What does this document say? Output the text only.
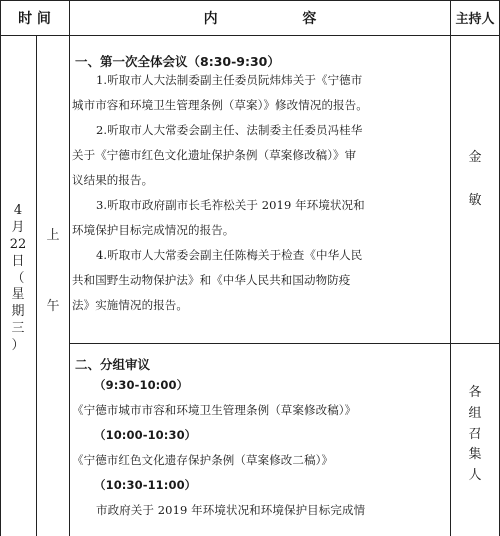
时 间	内 容	主持人
4
月
22
日
（
星
期
三
）
上
午
一、第一次全体会议（8:30-9:30）
1.听取市人大法制委副主任委员阮炜炜关于《宁德市
城市市容和环境卫生管理条例（草案）》修改情况的报告。
2.听取市人大常委会副主任、法制委主任委员冯桂华
关于《宁德市红色文化遗址保护条例（草案修改稿）》审
议结果的报告。
3.听取市政府副市长毛祚松关于 2019 年环境状况和
环境保护目标完成情况的报告。
4.听取市人大常委会副主任陈梅关于检查《中华人民
共和国野生动物保护法》和《中华人民共和国动物防疫
法》实施情况的报告。
金
敏
二、分组审议
（9:30-10:00）
《宁德市城市市容和环境卫生管理条例（草案修改稿）》
（10:00-10:30）
《宁德市红色文化遗存保护条例（草案修改二稿）》
（10:30-11:00）
市政府关于 2019 年环境状况和环境保护目标完成情
各
组
召
集
人
